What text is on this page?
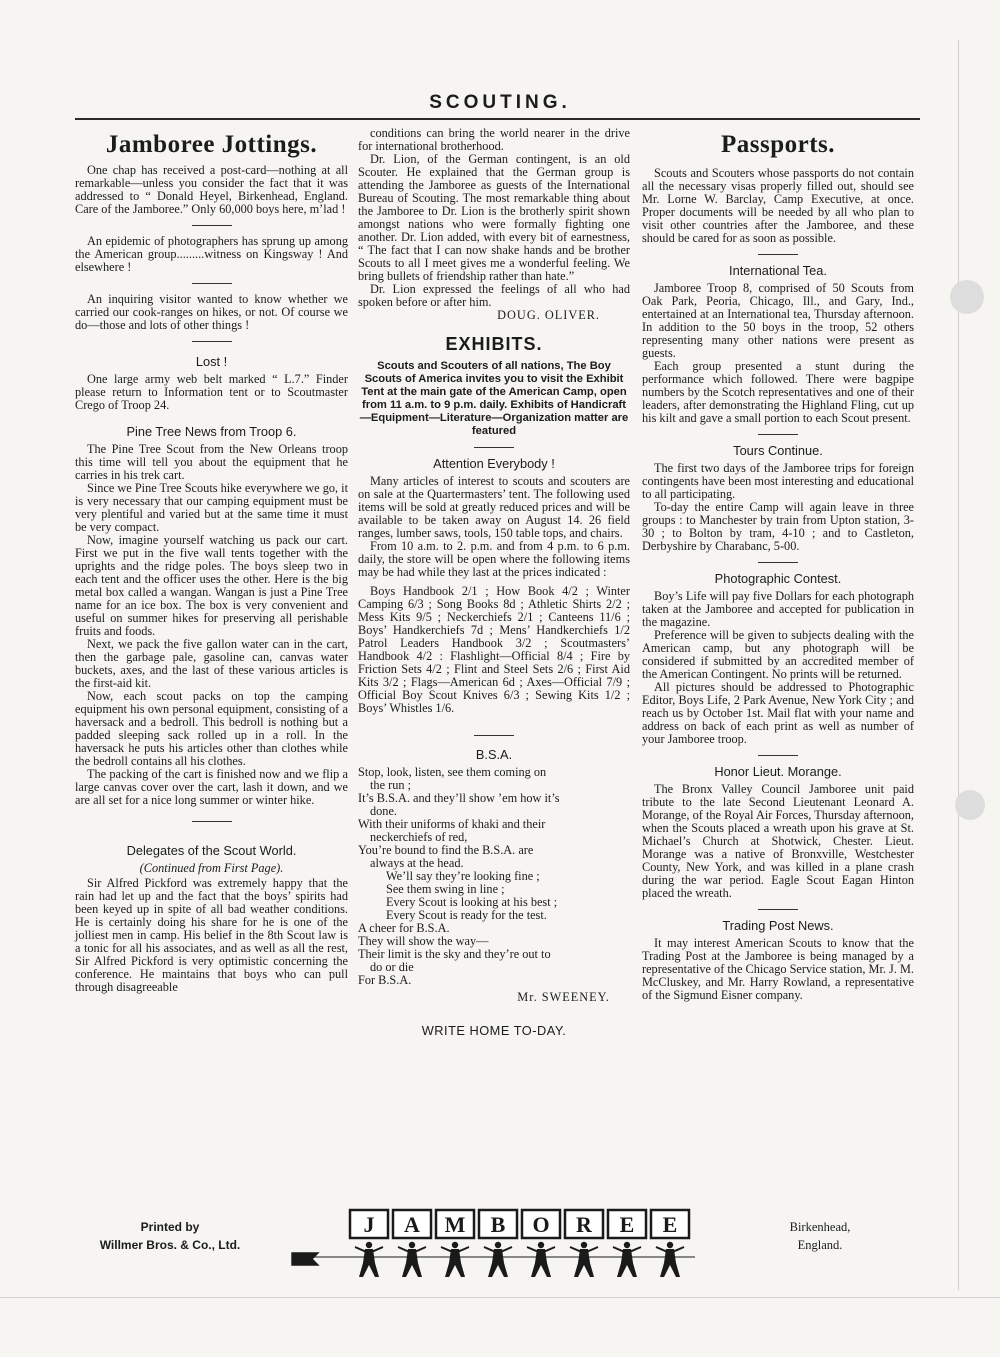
SCOUTING.
Jamboree Jottings.

One chap has received a post-card—nothing at all remarkable—unless you consider the fact that it was addressed to “ Donald Heyel, Birkenhead, England. Care of the Jamboree.” Only 60,000 boys here, m’lad !

An epidemic of photographers has sprung up among the American group.........witness on Kingsway ! And elsewhere !

An inquiring visitor wanted to know whether we carried our cook-ranges on hikes, or not. Of course we do—those and lots of other things !

Lost !

One large army web belt marked “ L.7.” Finder please return to Information tent or to Scoutmaster Crego of Troop 24.

Pine Tree News from Troop 6.

The Pine Tree Scout from the New Orleans troop this time will tell you about the equipment that he carries in his trek cart.

Since we Pine Tree Scouts hike everywhere we go, it is very necessary that our camping equipment must be very plentiful and varied but at the same time it must be very compact.

Now, imagine yourself watching us pack our cart. First we put in the five wall tents together with the uprights and the ridge poles. The boys sleep two in each tent and the officer uses the other. Here is the big metal box called a wangan. Wangan is just a Pine Tree name for an ice box. The box is very convenient and useful on summer hikes for preserving all perishable fruits and foods.

Next, we pack the five gallon water can in the cart, then the garbage pale, gasoline can, canvas water buckets, axes, and the last of these various articles is the first-aid kit.

Now, each scout packs on top the camping equipment his own personal equipment, consisting of a haversack and a bedroll. This bedroll is nothing but a padded sleeping sack rolled up in a roll. In the haversack he puts his articles other than clothes while the bedroll contains all his clothes.

The packing of the cart is finished now and we flip a large canvas cover over the cart, lash it down, and we are all set for a nice long summer or winter hike.

Delegates of the Scout World.
(Continued from First Page).

Sir Alfred Pickford was extremely happy that the rain had let up and the fact that the boys’ spirits had been keyed up in spite of all bad weather conditions. He is certainly doing his share for he is one of the jolliest men in camp. His belief in the 8th Scout law is a tonic for all his associates, and as well as all the rest, Sir Alfred Pickford is very optimistic concerning the conference. He maintains that boys who can pull through disagreeable

conditions can bring the world nearer in the drive for international brotherhood.

Dr. Lion, of the German contingent, is an old Scouter. He explained that the German group is attending the Jamboree as guests of the International Bureau of Scouting. The most remarkable thing about the Jamboree to Dr. Lion is the brotherly spirit shown amongst nations who were formally fighting one another. Dr. Lion added, with every bit of earnestness, “ The fact that I can now shake hands and be brother Scouts to all I meet gives me a wonderful feeling. We bring bullets of friendship rather than hate.”

Dr. Lion expressed the feelings of all who had spoken before or after him.

DOUG. OLIVER.
EXHIBITS.
Scouts and Scouters of all nations, The Boy Scouts of America invites you to visit the Exhibit Tent at the main gate of the American Camp, open from 11 a.m. to 9 p.m. daily. Exhibits of Handicraft—Equipment—Literature—Organization matter are featured
Attention Everybody !

Many articles of interest to scouts and scouters are on sale at the Quartermasters’ tent. The following used items will be sold at greatly reduced prices and will be available to be taken away on August 14. 26 field ranges, lumber saws, tools, 150 table tops, and chairs.

From 10 a.m. to 2. p.m. and from 4 p.m. to 6 p.m. daily, the store will be open where the following items may be had while they last at the prices indicated :

Boys Handbook 2/1 ; How Book 4/2 ; Winter Camping 6/3 ; Song Books 8d ; Athletic Shirts 2/2 ; Mess Kits 9/5 ; Neckerchiefs 2/1 ; Canteens 11/6 ; Boys’ Handkerchiefs 7d ; Mens’ Handkerchiefs 1/2 Patrol Leaders Handbook 3/2 ; Scoutmasters’ Handbook 4/2 : Flashlight—Official 8/4 ; Fire by Friction Sets 4/2 ; Flint and Steel Sets 2/6 ; First Aid Kits 3/2 ; Flags—American 6d ; Axes—Official 7/9 ; Official Boy Scout Knives 6/3 ; Sewing Kits 1/2 ; Boys’ Whistles 1/6.

B.S.A.
Stop, look, listen, see them coming on
the run ;
It’s B.S.A. and they’ll show ’em how it’s
done.
With their uniforms of khaki and their
neckerchiefs of red,
You’re bound to find the B.S.A. are
always at the head.
We’ll say they’re looking fine ;
See them swing in line ;
Every Scout is looking at his best ;
Every Scout is ready for the test.
A cheer for B.S.A.
They will show the way—
Their limit is the sky and they’re out to
do or die
For B.S.A.
Mr. SWEENEY.
WRITE HOME TO-DAY.
Passports.

Scouts and Scouters whose passports do not contain all the necessary visas properly filled out, should see Mr. Lorne W. Barclay, Camp Executive, at once. Proper documents will be needed by all who plan to visit other countries after the Jamboree, and these should be cared for as soon as possible.

International Tea.

Jamboree Troop 8, comprised of 50 Scouts from Oak Park, Peoria, Chicago, Ill., and Gary, Ind., entertained at an International tea, Thursday afternoon. In addition to the 50 boys in the troop, 52 others representing many other nations were present as guests.

Each group presented a stunt during the performance which followed. There were bagpipe numbers by the Scotch representatives and one of their leaders, after demonstrating the Highland Fling, cut up his kilt and gave a small portion to each Scout present.

Tours Continue.

The first two days of the Jamboree trips for foreign contingents have been most interesting and educational to all participating.

To-day the entire Camp will again leave in three groups : to Manchester by train from Upton station, 3-30 ; to Bolton by tram, 4-10 ; and to Castleton, Derbyshire by Charabanc, 5-00.

Photographic Contest.

Boy’s Life will pay five Dollars for each photograph taken at the Jamboree and accepted for publication in the magazine.

Preference will be given to subjects dealing with the American camp, but any photograph will be considered if submitted by an accredited member of the American Contingent. No prints will be returned.

All pictures should be addressed to Photographic Editor, Boys Life, 2 Park Avenue, New York City ; and reach us by October 1st. Mail flat with your name and address on back of each print as well as number of your Jamboree troop.

Honor Lieut. Morange.

The Bronx Valley Council Jamboree unit paid tribute to the late Second Lieutenant Leonard A. Morange, of the Royal Air Forces, Thursday afternoon, when the Scouts placed a wreath upon his grave at St. Michael’s Church at Shotwick, Chester. Lieut. Morange was a native of Bronxville, Westchester County, New York, and was killed in a plane crash during the war period. Eagle Scout Eagan Hinton placed the wreath.

Trading Post News.

It may interest American Scouts to know that the Trading Post at the Jamboree is being managed by a representative of the Chicago Service station, Mr. J. M. McCluskey, and Mr. Harry Rowland, a representative of the Sigmund Eisner company.

Printed by
Willmer Bros. & Co., Ltd.
J A M B O R E E	Birkenhead,
England.
